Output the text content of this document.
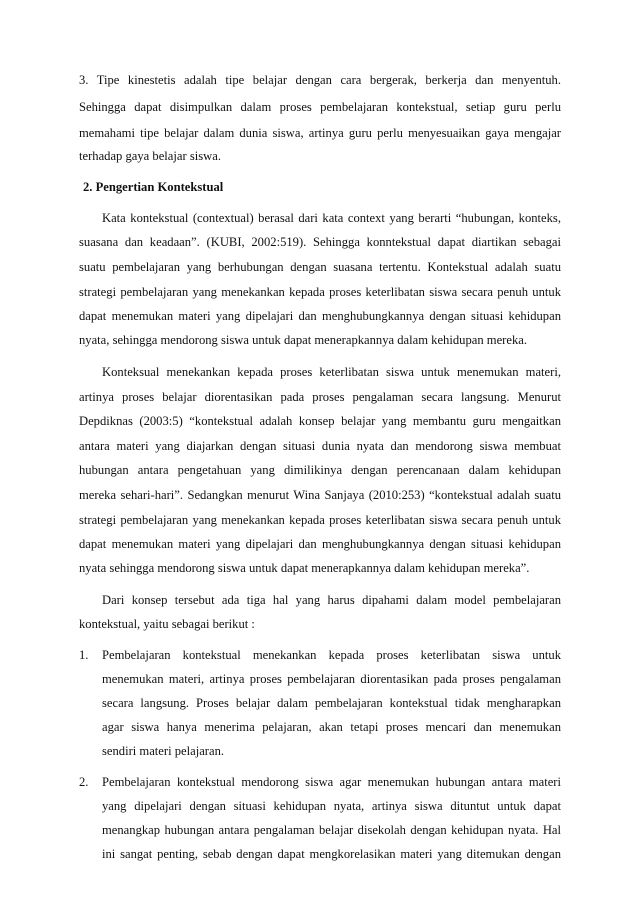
3. Tipe kinestetis adalah tipe belajar dengan cara bergerak, berkerja dan menyentuh.
Sehingga dapat disimpulkan dalam proses pembelajaran kontekstual, setiap guru perlu
memahami tipe belajar dalam dunia siswa, artinya guru perlu menyesuaikan gaya mengajar
terhadap gaya belajar siswa.
2. Pengertian Kontekstual
Kata kontekstual (contextual) berasal dari kata context yang berarti “hubungan, konteks,
suasana dan keadaan”. (KUBI, 2002:519). Sehingga konntekstual dapat diartikan sebagai
suatu pembelajaran yang berhubungan dengan suasana tertentu. Kontekstual adalah suatu
strategi pembelajaran yang menekankan kepada proses keterlibatan siswa secara penuh untuk
dapat menemukan materi yang dipelajari dan menghubungkannya dengan situasi kehidupan
nyata, sehingga mendorong siswa untuk dapat menerapkannya dalam kehidupan mereka.
Konteksual menekankan kepada proses keterlibatan siswa untuk menemukan materi,
artinya proses belajar diorentasikan pada proses pengalaman secara langsung. Menurut
Depdiknas (2003:5) “kontekstual adalah konsep belajar yang membantu guru mengaitkan
antara materi yang diajarkan dengan situasi dunia nyata dan mendorong siswa membuat
hubungan antara pengetahuan yang dimilikinya dengan perencanaan dalam kehidupan
mereka sehari-hari”. Sedangkan menurut Wina Sanjaya (2010:253) “kontekstual adalah suatu
strategi pembelajaran yang menekankan kepada proses keterlibatan siswa secara penuh untuk
dapat menemukan materi yang dipelajari dan menghubungkannya dengan situasi kehidupan
nyata sehingga mendorong siswa untuk dapat menerapkannya dalam kehidupan mereka”.
Dari konsep tersebut ada tiga hal yang harus dipahami dalam model pembelajaran
kontekstual, yaitu sebagai berikut :
1. Pembelajaran kontekstual menekankan kepada proses keterlibatan siswa untuk
menemukan materi, artinya proses pembelajaran diorentasikan pada proses pengalaman
secara langsung. Proses belajar dalam pembelajaran kontekstual tidak mengharapkan
agar siswa hanya menerima pelajaran, akan tetapi proses mencari dan menemukan
sendiri materi pelajaran.
2. Pembelajaran kontekstual mendorong siswa agar menemukan hubungan antara materi
yang dipelajari dengan situasi kehidupan nyata, artinya siswa dituntut untuk dapat
menangkap hubungan antara pengalaman belajar disekolah dengan kehidupan nyata. Hal
ini sangat penting, sebab dengan dapat mengkorelasikan materi yang ditemukan dengan
